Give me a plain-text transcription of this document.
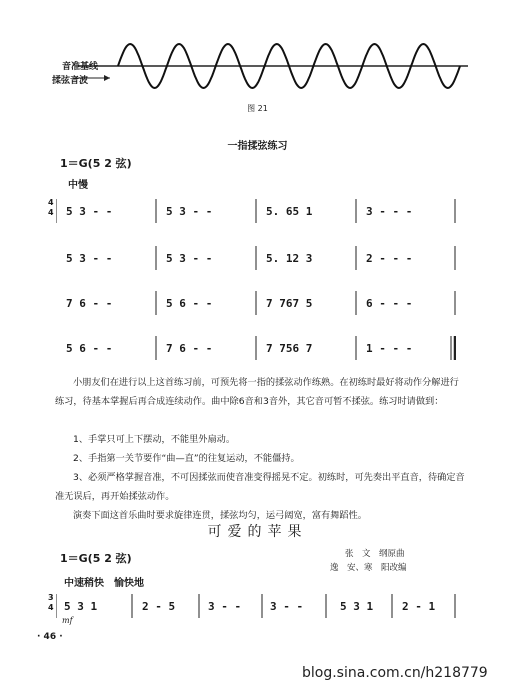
音准基线
揉弦音波
图 21
一指揉弦练习
1＝G(5 2 弦)
中慢
4
4 5 3 - -	5 3 - -	5. 65 1	3 - - -
5 3 - -	5 3 - -	5. 12 3	2 - - -
7 6 - -	5 6 - -	7 767 5	6 - - -
5 6 - -	7 6 - -	7 756 7	1 - - -
小朋友们在进行以上这首练习前，可预先将一指的揉弦动作练熟。在初练时最好将动作分解进行练习，待基本掌握后再合成连续动作。曲中除6音和3音外，其它音可暂不揉弦。练习时请做到：
1、手掌只可上下摆动，不能里外扇动。
2、手指第一关节要作“曲—直”的往复运动，不能僵持。
3、必须严格掌握音准，不可因揉弦而使音准变得摇晃不定。初练时，可先奏出平直音，待确定音准无误后，再开始揉弦动作。
演奏下面这首乐曲时要求旋律连贯，揉弦均匀，运弓阔宽，富有舞蹈性。
可爱的苹果
1＝G(5 2 弦)	张　文　纲原曲
逸　安、寒　阳改编
中速稍快　愉快地
3
4 5 3 1	2 - 5	3 - -	3 - -	5 3 1	2 - 1
mf
· 46 ·
blog.sina.com.cn/h218779
